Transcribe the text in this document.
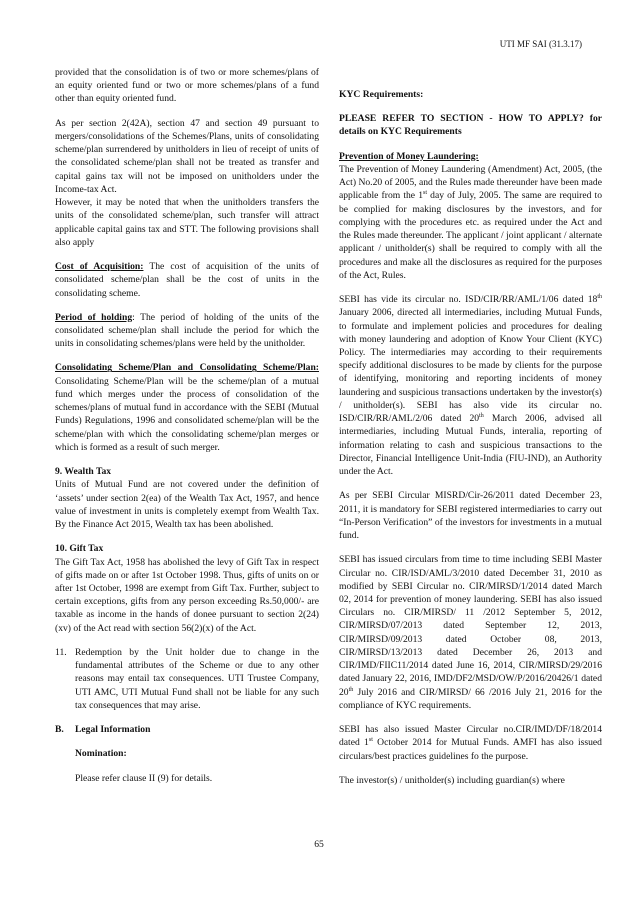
UTI MF SAI (31.3.17)

provided that the consolidation is of two or more schemes/plans of an equity oriented fund or two or more schemes/plans of a fund other than equity oriented fund.

As per section 2(42A), section 47 and section 49 pursuant to mergers/consolidations of the Schemes/Plans, units of consolidating scheme/plan surrendered by unitholders in lieu of receipt of units of the consolidated scheme/plan shall not be treated as transfer and capital gains tax will not be imposed on unitholders under the Income-tax Act.

However, it may be noted that when the unitholders transfers the units of the consolidated scheme/plan, such transfer will attract applicable capital gains tax and STT. The following provisions shall also apply

Cost of Acquisition: The cost of acquisition of the units of consolidated scheme/plan shall be the cost of units in the consolidating scheme.

Period of holding: The period of holding of the units of the consolidated scheme/plan shall include the period for which the units in consolidating schemes/plans were held by the unitholder.

Consolidating Scheme/Plan and Consolidating Scheme/Plan: Consolidating Scheme/Plan will be the scheme/plan of a mutual fund which merges under the process of consolidation of the schemes/plans of mutual fund in accordance with the SEBI (Mutual Funds) Regulations, 1996 and consolidated scheme/plan will be the scheme/plan with which the consolidating scheme/plan merges or which is formed as a result of such merger.

9. Wealth Tax

Units of Mutual Fund are not covered under the definition of ‘assets’ under section 2(ea) of the Wealth Tax Act, 1957, and hence value of investment in units is completely exempt from Wealth Tax. By the Finance Act 2015, Wealth tax has been abolished.

10. Gift Tax

The Gift Tax Act, 1958 has abolished the levy of Gift Tax in respect of gifts made on or after 1st October 1998. Thus, gifts of units on or after 1st October, 1998 are exempt from Gift Tax. Further, subject to certain exceptions, gifts from any person exceeding Rs.50,000/- are taxable as income in the hands of donee pursuant to section 2(24)(xv) of the Act read with section 56(2)(x) of the Act.

11. Redemption by the Unit holder due to change in the fundamental attributes of the Scheme or due to any other reasons may entail tax consequences. UTI Trustee Company, UTI AMC, UTI Mutual Fund shall not be liable for any such tax consequences that may arise.
B.	Legal Information

Nomination:

Please refer clause II (9) for details.

KYC Requirements:

PLEASE REFER TO SECTION - HOW TO APPLY? for details on KYC Requirements

Prevention of Money Laundering:

The Prevention of Money Laundering (Amendment) Act, 2005, (the Act) No.20 of 2005, and the Rules made thereunder have been made applicable from the 1st day of July, 2005. The same are required to be complied for making disclosures by the investors, and for complying with the procedures etc. as required under the Act and the Rules made thereunder. The applicant / joint applicant / alternate applicant / unitholder(s) shall be required to comply with all the procedures and make all the disclosures as required for the purposes of the Act, Rules.

SEBI has vide its circular no. ISD/CIR/RR/AML/1/06 dated 18th January 2006, directed all intermediaries, including Mutual Funds, to formulate and implement policies and procedures for dealing with money laundering and adoption of Know Your Client (KYC) Policy. The intermediaries may according to their requirements specify additional disclosures to be made by clients for the purpose of identifying, monitoring and reporting incidents of money laundering and suspicious transactions undertaken by the investor(s) / unitholder(s). SEBI has also vide its circular no. ISD/CIR/RR/AML/2/06 dated 20th March 2006, advised all intermediaries, including Mutual Funds, interalia, reporting of information relating to cash and suspicious transactions to the Director, Financial Intelligence Unit-India (FIU-IND), an Authority under the Act.

As per SEBI Circular MISRD/Cir-26/2011 dated December 23, 2011, it is mandatory for SEBI registered intermediaries to carry out “In-Person Verification” of the investors for investments in a mutual fund.

SEBI has issued circulars from time to time including SEBI Master Circular no. CIR/ISD/AML/3/2010 dated December 31, 2010 as modified by SEBI Circular no. CIR/MIRSD/1/2014 dated March 02, 2014 for prevention of money laundering. SEBI has also issued Circulars no. CIR/MIRSD/ 11 /2012 September 5, 2012, CIR/MIRSD/07/2013 dated September 12, 2013, CIR/MIRSD/09/2013 dated October 08, 2013, CIR/MIRSD/13/2013 dated December 26, 2013 and CIR/IMD/FIIC11/2014 dated June 16, 2014, CIR/MIRSD/29/2016 dated January 22, 2016, IMD/DF2/MSD/OW/P/2016/20426/1 dated 20th July 2016 and CIR/MIRSD/ 66 /2016 July 21, 2016 for the compliance of KYC requirements.

SEBI has also issued Master Circular no.CIR/IMD/DF/18/2014 dated 1st October 2014 for Mutual Funds. AMFI has also issued circulars/best practices guidelines fo the purpose.

The investor(s) / unitholder(s) including guardian(s) where

65
